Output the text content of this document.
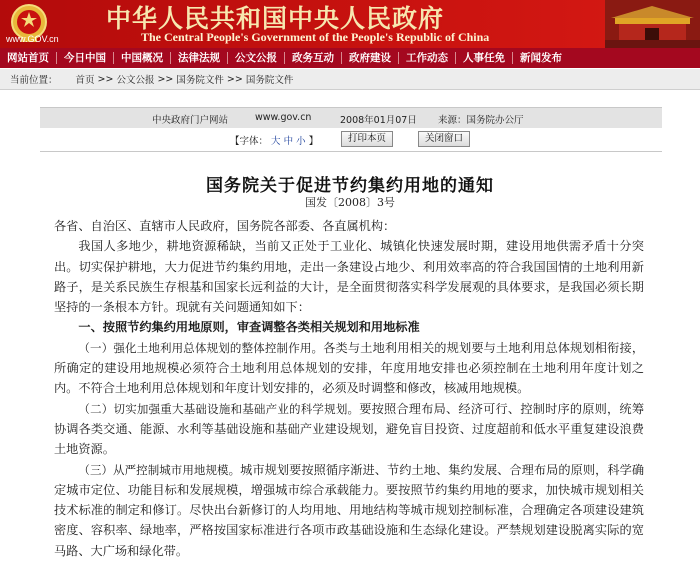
中华人民共和国中央人民政府
The Central People's Government of the People's Republic of China
www.GOV.cn
网站首页	今日中国	中国概况	法律法规	公文公报	政务互动	政府建设	工作动态	人事任免	新闻发布
当前位置： 首页 >> 公文公报 >> 国务院文件 >> 国务院文件
中央政府门户网站	www.gov.cn	2008年01月07日 来源：国务院办公厅
【字体： 大 中 小 】	打印本页	关闭窗口
国务院关于促进节约集约用地的通知
国发〔2008〕3号

各省、自治区、直辖市人民政府，国务院各部委、各直属机构：

我国人多地少，耕地资源稀缺，当前又正处于工业化、城镇化快速发展时期，建设用地供需矛盾十分突出。切实保护耕地，大力促进节约集约用地，走出一条建设占地少、利用效率高的符合我国国情的土地利用新路子，是关系民族生存根基和国家长远利益的大计，是全面贯彻落实科学发展观的具体要求，是我国必须长期坚持的一条根本方针。现就有关问题通知如下：

一、按照节约集约用地原则，审查调整各类相关规划和用地标准

（一）强化土地利用总体规划的整体控制作用。各类与土地利用相关的规划要与土地利用总体规划相衔接，所确定的建设用地规模必须符合土地利用总体规划的安排，年度用地安排也必须控制在土地利用年度计划之内。不符合土地利用总体规划和年度计划安排的，必须及时调整和修改，核减用地规模。

（二）切实加强重大基础设施和基础产业的科学规划。要按照合理布局、经济可行、控制时序的原则，统筹协调各类交通、能源、水利等基础设施和基础产业建设规划，避免盲目投资、过度超前和低水平重复建设浪费土地资源。

（三）从严控制城市用地规模。城市规划要按照循序渐进、节约土地、集约发展、合理布局的原则，科学确定城市定位、功能目标和发展规模，增强城市综合承载能力。要按照节约集约用地的要求，加快城市规划相关技术标准的制定和修订。尽快出台新修订的人均用地、用地结构等城市规划控制标准，合理确定各项建设建筑密度、容积率、绿地率，严格按国家标准进行各项市政基础设施和生态绿化建设。严禁规划建设脱离实际的宽马路、大广场和绿化带。
